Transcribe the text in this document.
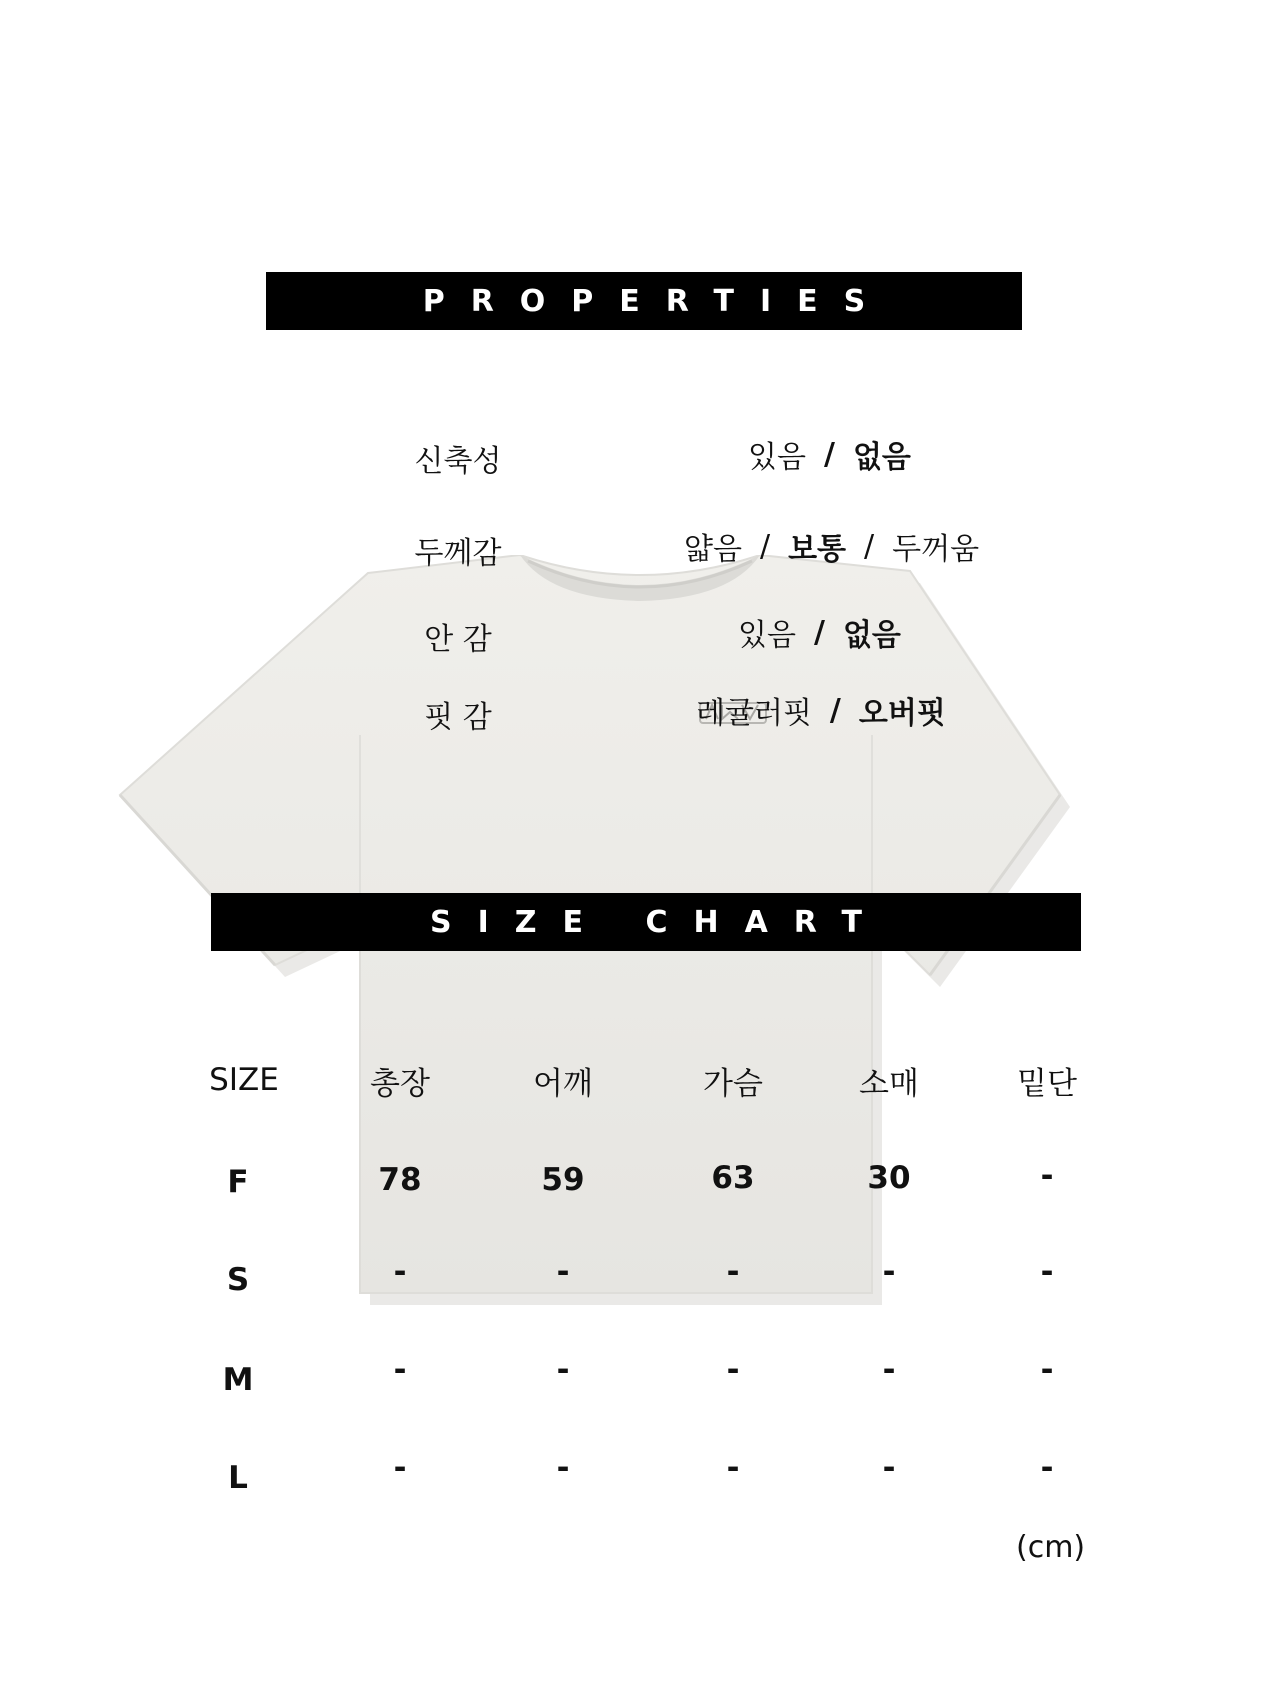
PROPERTIES
신축성	있음 / 없음
두께감	얇음 / 보통 / 두꺼움
안 감	있음 / 없음
핏 감	레귤러핏 / 오버핏
SIZE CHART
SIZE	총장	어깨	가슴	소매	밑단
F	78	59	63	30	-
S	-	-	-	-	-
M	-	-	-	-	-
L	-	-	-	-	-
(cm)
